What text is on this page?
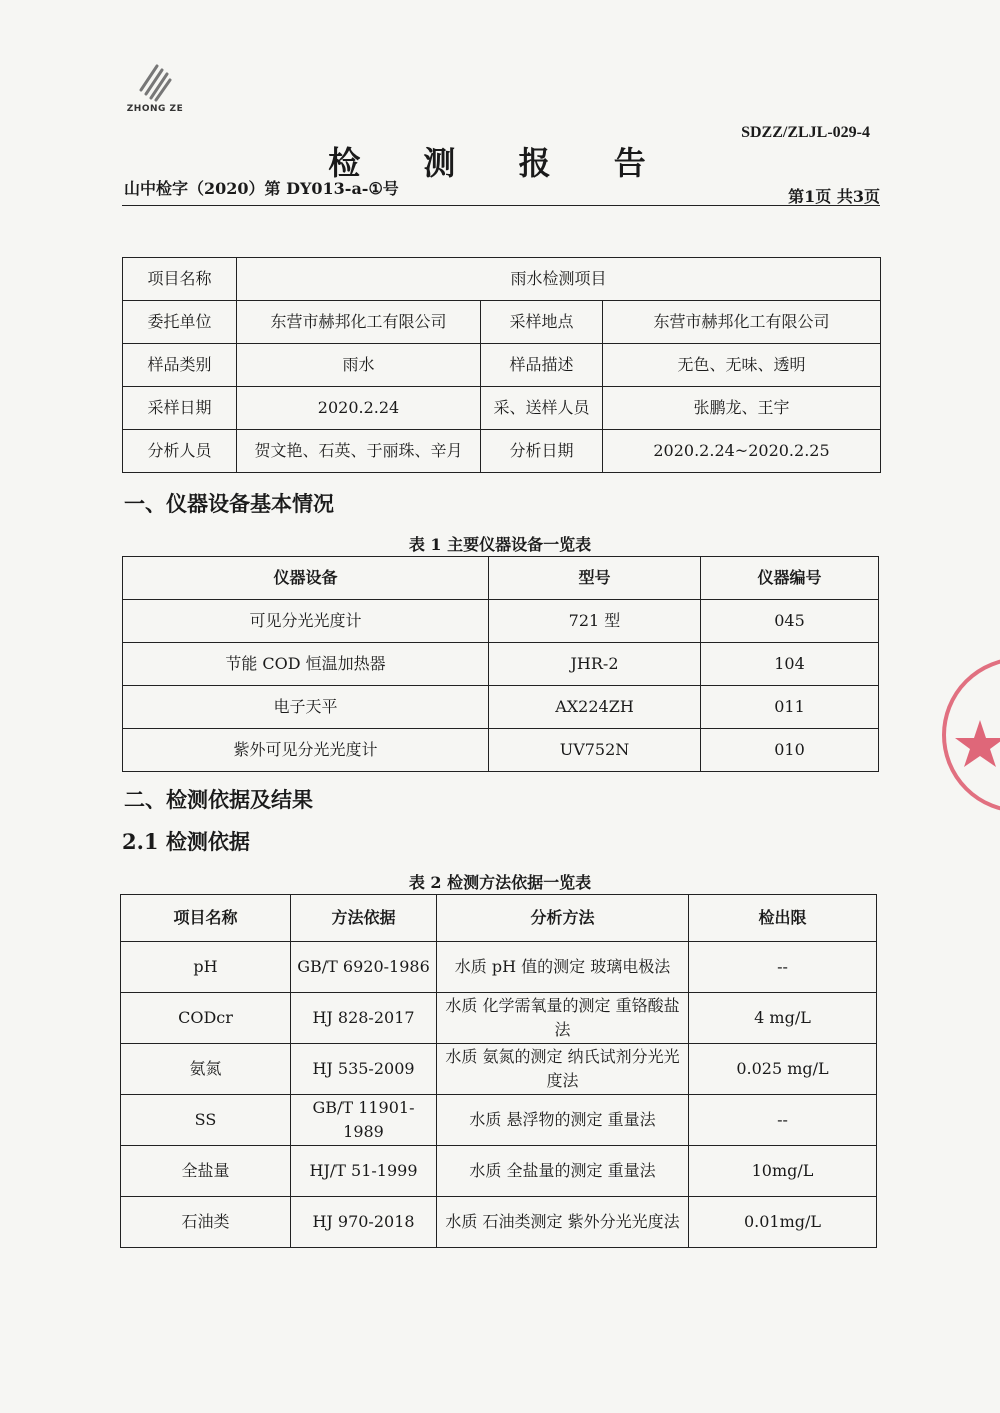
ZHONG ZE
SDZZ/ZLJL-029-4
检 测 报 告
山中检字（2020）第 DY013-a-①号	第1页 共3页
项目名称	雨水检测项目		
委托单位	东营市赫邦化工有限公司	采样地点	东营市赫邦化工有限公司
样品类别	雨水	样品描述	无色、无味、透明
采样日期	2020.2.24	采、送样人员	张鹏龙、王宇
分析人员	贺文艳、石英、于丽珠、辛月	分析日期	2020.2.24~2020.2.25
一、仪器设备基本情况
表 1 主要仪器设备一览表
仪器设备	型号	仪器编号
可见分光光度计	721 型	045
节能 COD 恒温加热器	JHR-2	104
电子天平	AX224ZH	011
紫外可见分光光度计	UV752N	010
二、检测依据及结果
2.1 检测依据
表 2 检测方法依据一览表
项目名称	方法依据	分析方法	检出限
pH	GB/T 6920-1986	水质 pH 值的测定 玻璃电极法	--
CODcr	HJ 828-2017	水质 化学需氧量的测定 重铬酸盐法	4 mg/L
氨氮	HJ 535-2009	水质 氨氮的测定 纳氏试剂分光光度法	0.025 mg/L
SS	GB/T 11901-1989	水质 悬浮物的测定 重量法	--
全盐量	HJ/T 51-1999	水质 全盐量的测定 重量法	10mg/L
石油类	HJ 970-2018	水质 石油类测定 紫外分光光度法	0.01mg/L
